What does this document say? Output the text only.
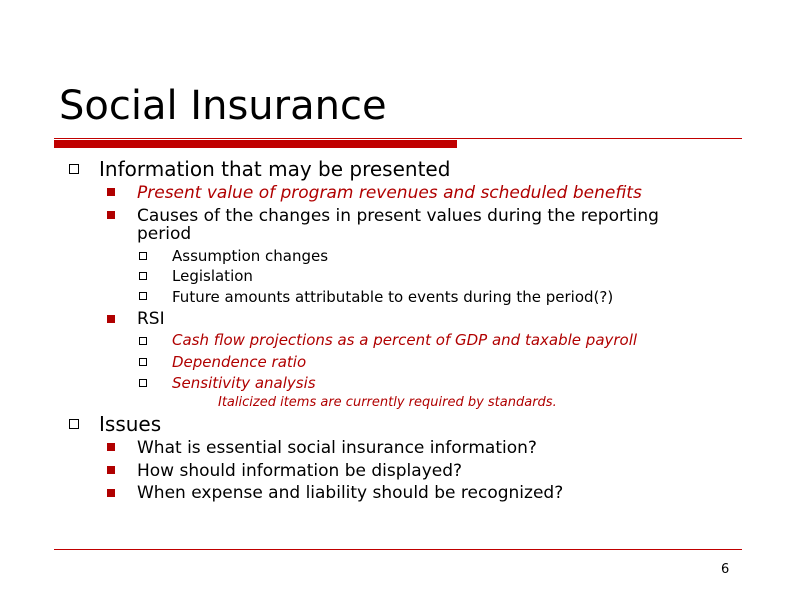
Social Insurance
Information that may be presented
Present value of program revenues and scheduled benefits
Causes of the changes in present values during the reporting
period
Assumption changes
Legislation
Future amounts attributable to events during the period(?)
RSI
Cash flow projections as a percent of GDP and taxable payroll
Dependence ratio
Sensitivity analysis
Italicized items are currently required by standards.
Issues
What is essential social insurance information?
How should information be displayed?
When expense and liability should be recognized?
6
